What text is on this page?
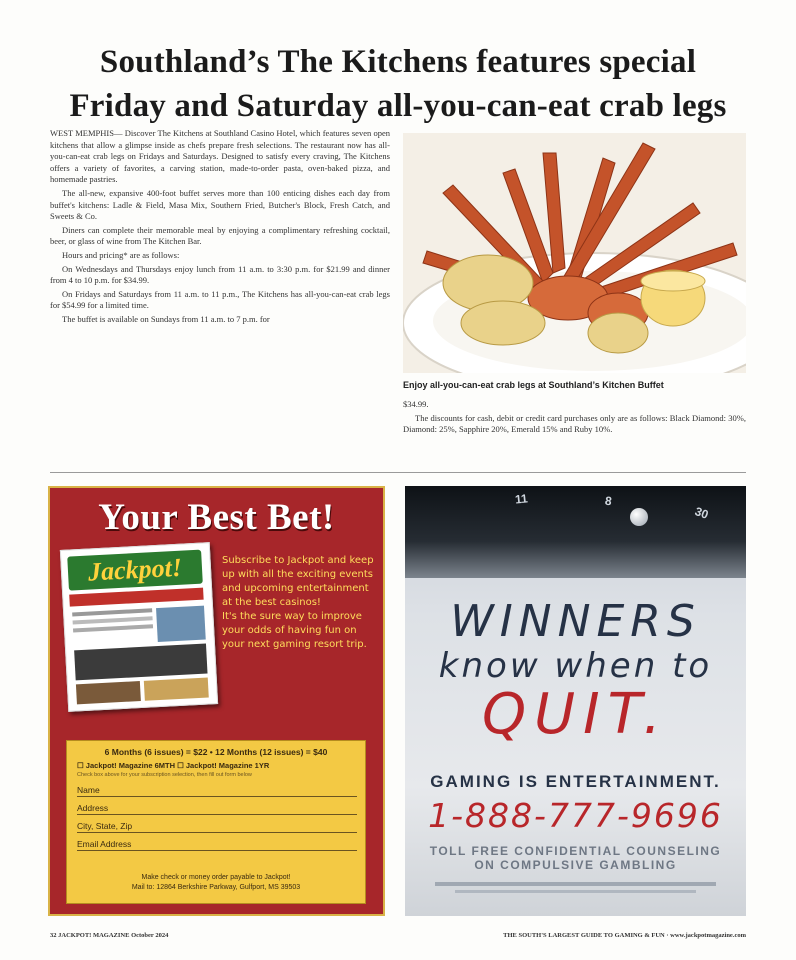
Southland’s The Kitchens features special
Friday and Saturday all-you-can-eat crab legs

WEST MEMPHIS— Discover The Kitchens at Southland Casino Hotel, which features seven open kitchens that allow a glimpse inside as chefs prepare fresh selections. The restaurant now has all-you-can-eat crab legs on Fridays and Saturdays. Designed to satisfy every craving, The Kitchens offers a variety of favorites, a carving station, made-to-order pasta, oven-baked pizza, and homemade pastries.

The all-new, expansive 400-foot buffet serves more than 100 enticing dishes each day from buffet's kitchens: Ladle & Field, Masa Mix, Southern Fried, Butcher's Block, Fresh Catch, and Sweets & Co.

Diners can complete their memorable meal by enjoying a complimentary refreshing cocktail, beer, or glass of wine from The Kitchen Bar.

Hours and pricing* are as follows:

On Wednesdays and Thursdays enjoy lunch from 11 a.m. to 3:30 p.m. for $21.99 and dinner from 4 to 10 p.m. for $34.99.

On Fridays and Saturdays from 11 a.m. to 11 p.m., The Kitchens has all-you-can-eat crab legs for $54.99 for a limited time.

The buffet is available on Sundays from 11 a.m. to 7 p.m. for

Enjoy all-you-can-eat crab legs at Southland’s Kitchen Buffet

$34.99.

The discounts for cash, debit or credit card purchases only are as follows: Black Diamond: 30%, Diamond: 25%, Sapphire 20%, Emerald 15% and Ruby 10%.

Your Best Bet!
Jackpot!	Subscribe to Jackpot and keep up with all the exciting events and upcoming entertainment at the best casinos!

It's the sure way to improve your odds of having fun on your next gaming resort trip.

6 Months (6 issues) = $22 • 12 Months (12 issues) = $40
☐ Jackpot! Magazine 6MTH ☐ Jackpot! Magazine 1YR
Check box above for your subscription selection, then fill out form below
Name
Address
City, State, Zip
Email Address
Make check or money order payable to Jackpot!
Mail to: 12864 Berkshire Parkway, Gulfport, MS 39503
30
8
11
WINNERS
know when to
QUIT.
GAMING IS ENTERTAINMENT.
1-888-777-9696
TOLL FREE CONFIDENTIAL COUNSELING
ON COMPULSIVE GAMBLING
32 JACKPOT! MAGAZINE October 2024	THE SOUTH'S LARGEST GUIDE TO GAMING & FUN · www.jackpotmagazine.com
